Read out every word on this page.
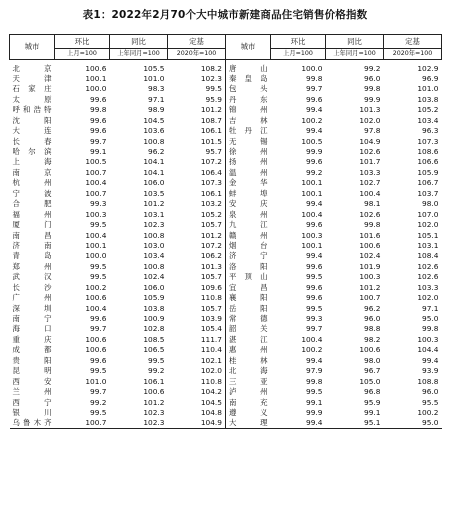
表1：2022年2月70个大中城市新建商品住宅销售价格指数
城市	环比	同比	定基	城市	环比	同比	定基
	上月=100	上年同月=100	2020年=100		上月=100	上年同月=100	2020年=100
北京	100.6	105.5	108.2	唐山	100.0	99.2	102.9
天津	100.1	101.0	102.3	秦皇岛	99.8	96.0	96.9
石家庄	100.0	98.3	99.5	包头	99.7	99.8	101.0
太原	99.6	97.1	95.9	丹东	99.6	99.9	103.8
呼和浩特	99.8	98.9	101.2	锦州	99.4	101.3	105.2
沈阳	99.6	104.5	108.7	吉林	100.2	102.0	103.4
大连	99.6	103.6	106.1	牡丹江	99.4	97.8	96.3
长春	99.7	100.8	101.5	无锡	100.5	104.9	107.3
哈尔滨	99.1	96.2	95.7	徐州	99.9	102.6	108.6
上海	100.5	104.1	107.2	扬州	99.6	101.7	106.6
南京	100.7	104.1	106.4	温州	99.2	103.3	105.9
杭州	100.4	106.0	107.3	金华	100.1	102.7	106.7
宁波	100.7	103.5	106.1	蚌埠	100.1	100.4	103.7
合肥	99.3	101.2	103.2	安庆	99.4	98.1	98.0
福州	100.3	103.1	105.2	泉州	100.4	102.6	107.0
厦门	99.5	102.3	105.7	九江	99.6	99.8	102.0
南昌	100.4	100.8	101.2	赣州	100.3	101.6	105.1
济南	100.1	103.0	107.2	烟台	100.1	100.6	103.1
青岛	100.0	103.4	106.2	济宁	99.4	102.4	108.4
郑州	99.5	100.8	101.3	洛阳	99.6	101.9	102.6
武汉	99.5	102.4	105.7	平顶山	99.5	100.3	102.6
长沙	100.2	106.0	109.6	宜昌	99.6	101.2	103.3
广州	100.6	105.9	110.8	襄阳	99.6	100.7	102.0
深圳	100.4	103.8	105.7	岳阳	99.5	96.2	97.1
南宁	99.6	100.9	103.9	常德	99.3	96.0	95.0
海口	99.7	102.8	105.4	韶关	99.7	98.8	99.8
重庆	100.6	108.5	111.7	湛江	100.4	98.2	100.3
成都	100.6	106.5	110.4	惠州	100.2	100.6	104.4
贵阳	99.6	99.5	102.1	桂林	99.4	98.0	99.4
昆明	99.5	99.2	102.0	北海	97.9	96.7	93.9
西安	101.0	106.1	110.8	三亚	99.8	105.0	108.8
兰州	99.7	100.6	104.2	泸州	99.5	96.8	96.0
西宁	99.2	101.2	104.5	南充	99.1	95.9	95.5
银川	99.5	102.3	104.8	遵义	99.9	99.1	100.2
乌鲁木齐	100.7	102.3	104.9	大理	99.4	95.1	95.0
